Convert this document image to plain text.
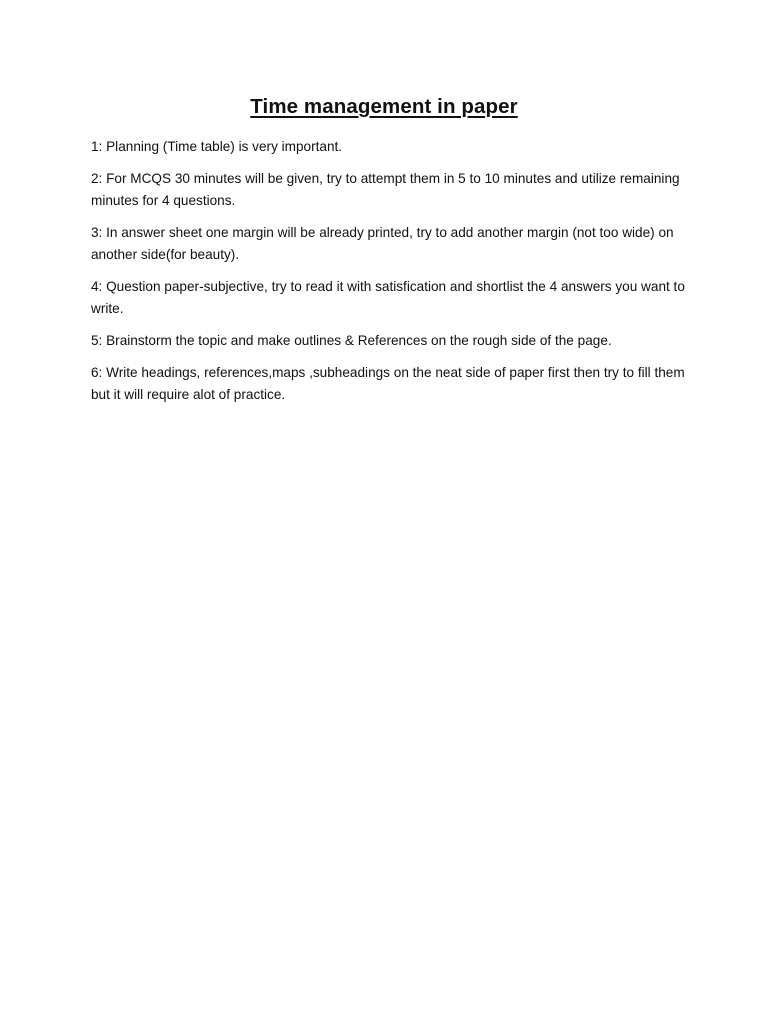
Time management in paper
1: Planning (Time table) is very important.
2: For MCQS 30 minutes will be given, try to attempt them in 5 to 10 minutes and utilize remaining minutes for 4 questions.
3: In answer sheet one margin will be already printed, try to add another margin (not too wide) on another side(for beauty).
4: Question paper-subjective, try to read it with satisfication and shortlist the 4 answers you want to write.
5: Brainstorm the topic and make outlines & References on the rough side of the page.
6: Write headings, references,maps ,subheadings on the neat side of paper first then try to fill them but it will require alot of practice.
